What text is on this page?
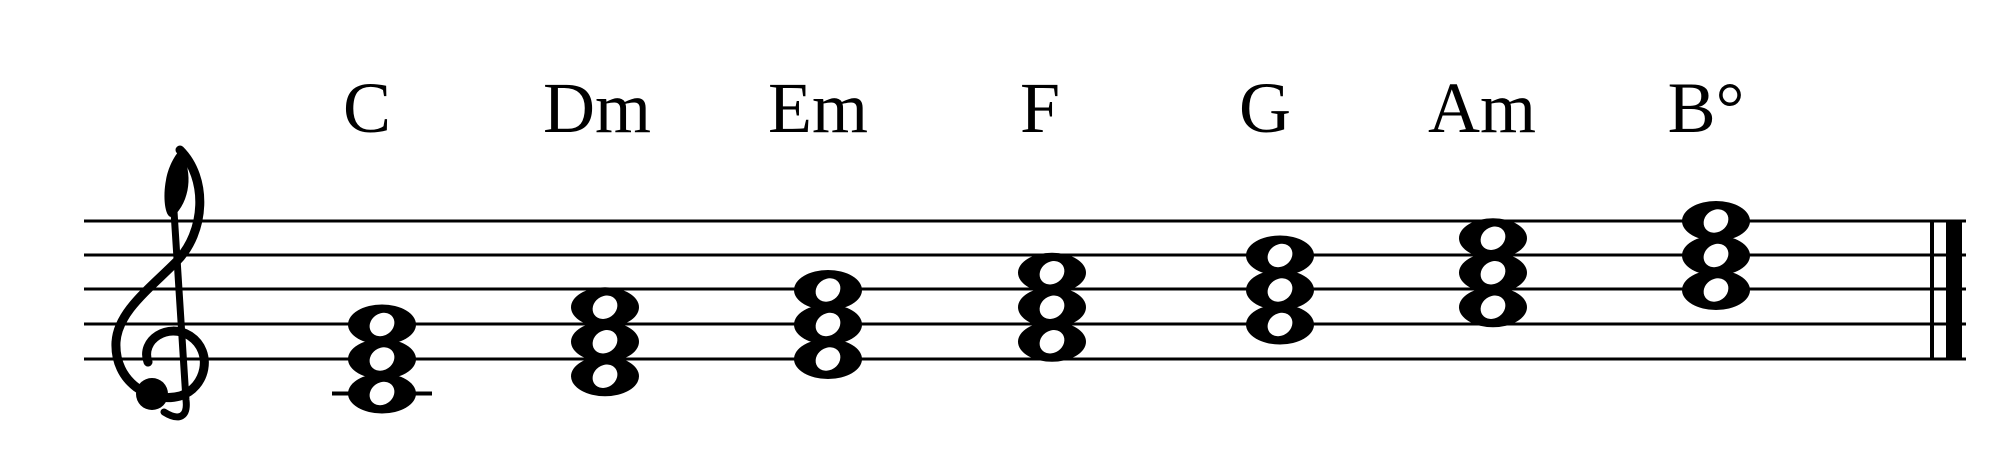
C Dm Em F G Am B°
